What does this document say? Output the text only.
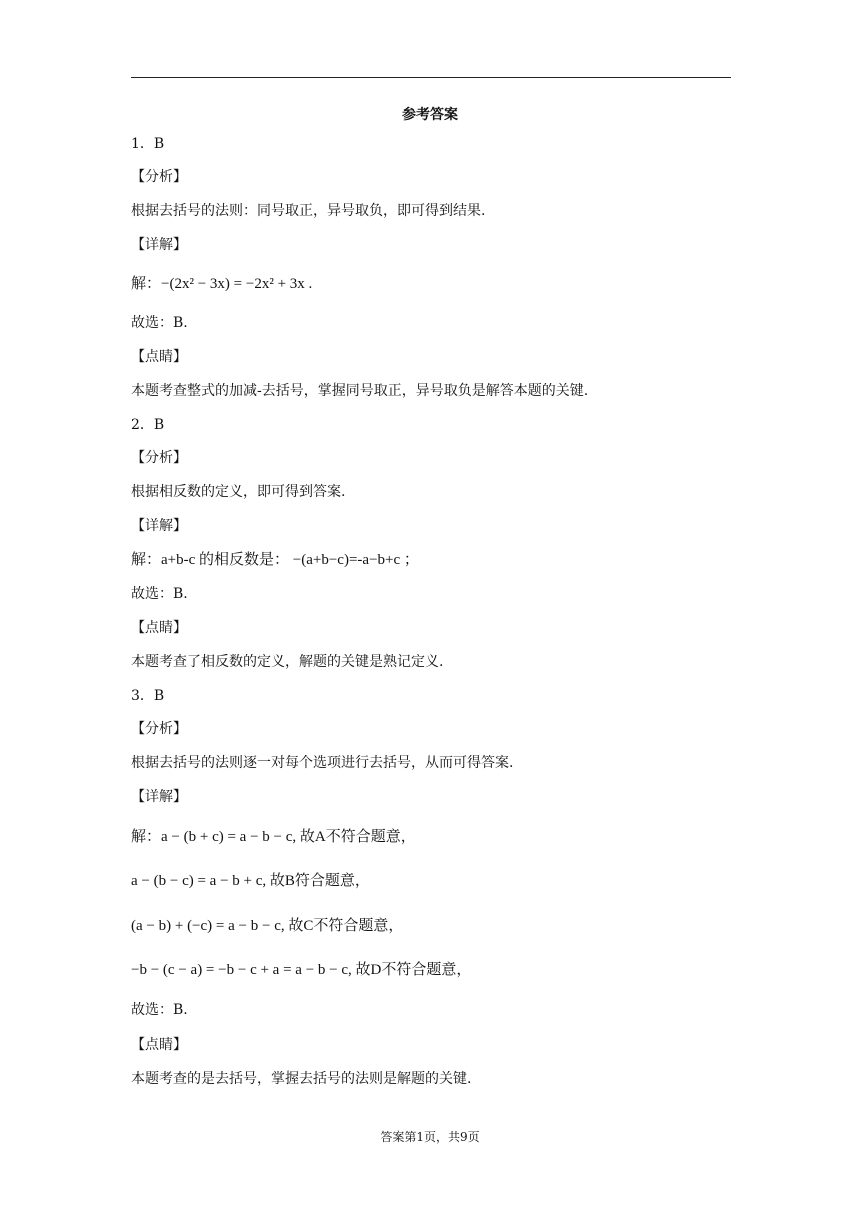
参考答案
1．B
【分析】
根据去括号的法则：同号取正，异号取负，即可得到结果.
【详解】
解：−(2x² − 3x) = −2x² + 3x .
故选：B.
【点睛】
本题考查整式的加减-去括号，掌握同号取正，异号取负是解答本题的关键.
2．B
【分析】
根据相反数的定义，即可得到答案.
【详解】
解：a+b-c 的相反数是： −(a+b−c)=-a−b+c ；
故选：B.
【点睛】
本题考查了相反数的定义，解题的关键是熟记定义.
3．B
【分析】
根据去括号的法则逐一对每个选项进行去括号，从而可得答案.
【详解】
解：a − (b + c) = a − b − c, 故A不符合题意，
a − (b − c) = a − b + c, 故B符合题意，
(a − b) + (−c) = a − b − c, 故C不符合题意，
−b − (c − a) = −b − c + a = a − b − c, 故D不符合题意，
故选：B.
【点睛】
本题考查的是去括号，掌握去括号的法则是解题的关键.
答案第1页，共9页
